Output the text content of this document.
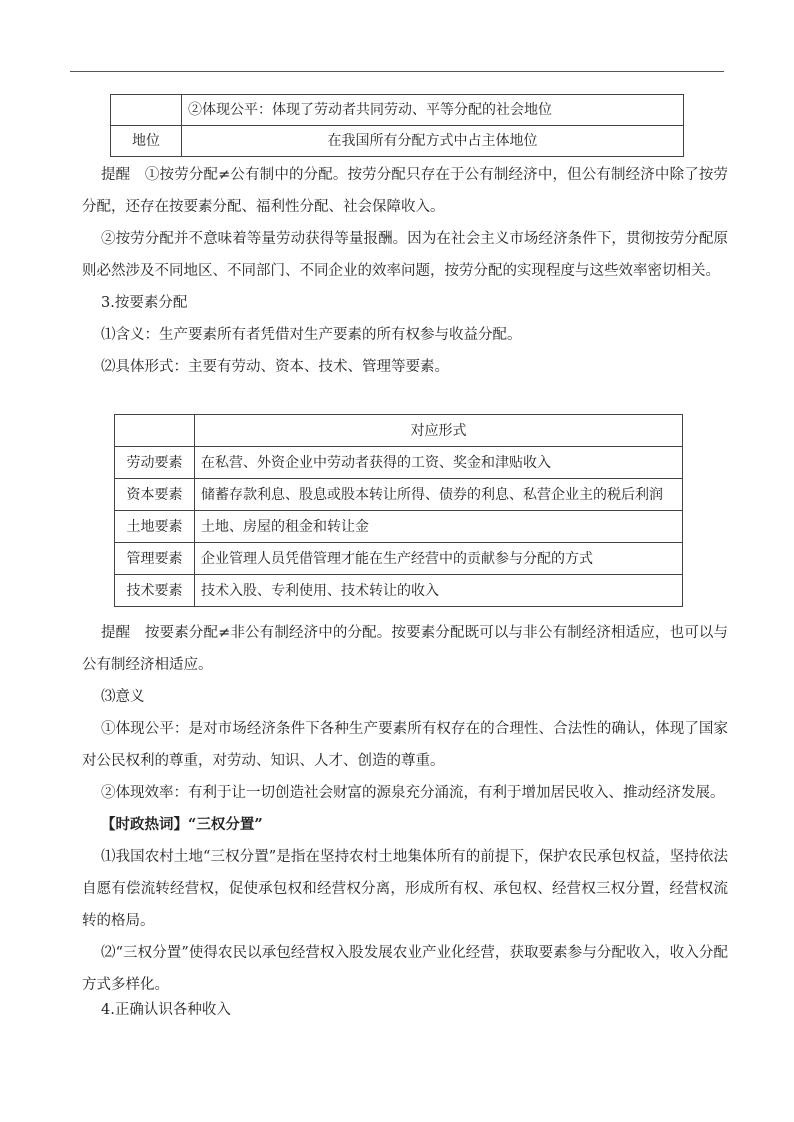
	②体现公平：体现了劳动者共同劳动、平等分配的社会地位
地位	在我国所有分配方式中占主体地位
提醒　①按劳分配≠公有制中的分配。按劳分配只存在于公有制经济中，但公有制经济中除了按劳分配，还存在按要素分配、福利性分配、社会保障收入。
②按劳分配并不意味着等量劳动获得等量报酬。因为在社会主义市场经济条件下，贯彻按劳分配原则必然涉及不同地区、不同部门、不同企业的效率问题，按劳分配的实现程度与这些效率密切相关。
3.按要素分配
⑴含义：生产要素所有者凭借对生产要素的所有权参与收益分配。
⑵具体形式：主要有劳动、资本、技术、管理等要素。
	对应形式
劳动要素	在私营、外资企业中劳动者获得的工资、奖金和津贴收入
资本要素	储蓄存款利息、股息或股本转让所得、债券的利息、私营企业主的税后利润
土地要素	土地、房屋的租金和转让金
管理要素	企业管理人员凭借管理才能在生产经营中的贡献参与分配的方式
技术要素	技术入股、专利使用、技术转让的收入
提醒　按要素分配≠非公有制经济中的分配。按要素分配既可以与非公有制经济相适应，也可以与公有制经济相适应。
⑶意义
①体现公平：是对市场经济条件下各种生产要素所有权存在的合理性、合法性的确认，体现了国家对公民权利的尊重，对劳动、知识、人才、创造的尊重。
②体现效率：有利于让一切创造社会财富的源泉充分涌流，有利于增加居民收入、推动经济发展。
【时政热词】“三权分置”
⑴我国农村土地“三权分置”是指在坚持农村土地集体所有的前提下，保护农民承包权益，坚持依法自愿有偿流转经营权，促使承包权和经营权分离，形成所有权、承包权、经营权三权分置，经营权流转的格局。
⑵“三权分置”使得农民以承包经营权入股发展农业产业化经营，获取要素参与分配收入，收入分配方式多样化。
4.正确认识各种收入
